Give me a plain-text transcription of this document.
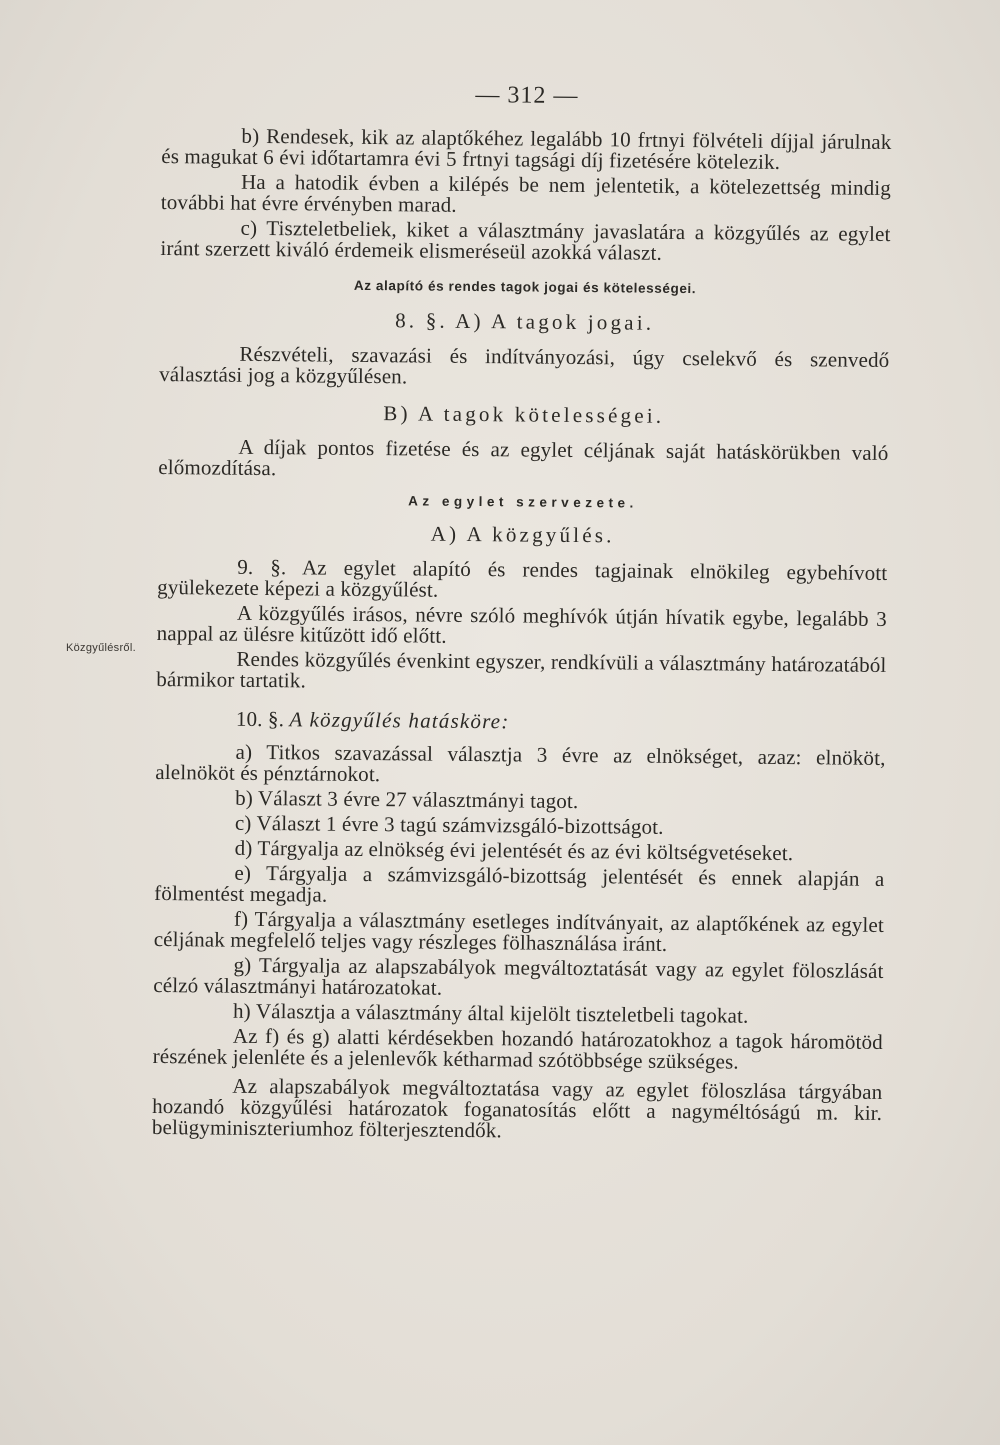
Közgyűlésről.
— 312 —

b) Rendesek, kik az alaptőkéhez legalább 10 frtnyi fölvételi díjjal járulnak és magukat 6 évi időtartamra évi 5 frtnyi tagsági díj fizetésére kötelezik.

Ha a hatodik évben a kilépés be nem jelentetik, a kötelezettség mindig további hat évre érvényben marad.

c) Tiszteletbeliek, kiket a választmány javaslatára a közgyűlés az egylet iránt szerzett kiváló érdemeik elismeréseül azokká választ.

Az alapító és rendes tagok jogai és kötelességei.
8. §. A) A tagok jogai.

Részvételi, szavazási és indítványozási, úgy cselekvő és szenvedő választási jog a közgyűlésen.

B) A tagok kötelességei.

A díjak pontos fizetése és az egylet céljának saját hatáskörükben való előmozdítása.

Az egylet szervezete.
A) A közgyűlés.

9. §. Az egylet alapító és rendes tagjainak elnökileg egybehívott gyülekezete képezi a közgyűlést.

A közgyűlés irásos, névre szóló meghívók útján hívatik egybe, legalább 3 nappal az ülésre kitűzött idő előtt.

Rendes közgyűlés évenkint egyszer, rendkívüli a választmány határozatából bármikor tartatik.

10. §. A közgyűlés hatásköre:

a) Titkos szavazással választja 3 évre az elnökséget, azaz: elnököt, alelnököt és pénztárnokot.

b) Választ 3 évre 27 választmányi tagot.

c) Választ 1 évre 3 tagú számvizsgáló-bizottságot.

d) Tárgyalja az elnökség évi jelentését és az évi költségvetéseket.

e) Tárgyalja a számvizsgáló-bizottság jelentését és ennek alapján a fölmentést megadja.

f) Tárgyalja a választmány esetleges indítványait, az alaptőkének az egylet céljának megfelelő teljes vagy részleges fölhasználása iránt.

g) Tárgyalja az alapszabályok megváltoztatását vagy az egylet föloszlását célzó választmányi határozatokat.

h) Választja a választmány által kijelölt tiszteletbeli tagokat.

Az f) és g) alatti kérdésekben hozandó határozatokhoz a tagok háromötöd részének jelenléte és a jelenlevők kétharmad szótöbbsége szükséges.

Az alapszabályok megváltoztatása vagy az egylet föloszlása tárgyában hozandó közgyűlési határozatok foganatosítás előtt a nagyméltóságú m. kir. belügyminiszteriumhoz fölterjesztendők.
